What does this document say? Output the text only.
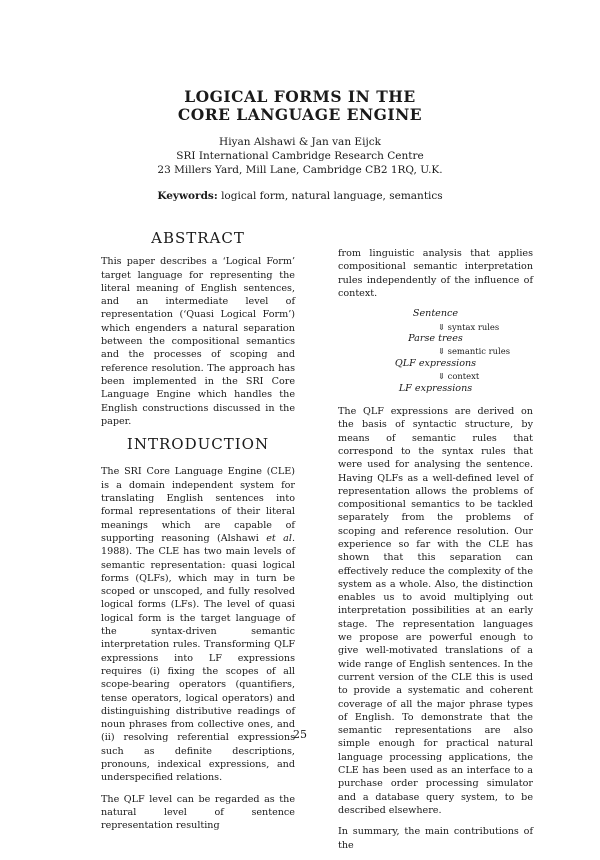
LOGICAL FORMS IN THE
CORE LANGUAGE ENGINE
Hiyan Alshawi & Jan van Eijck
SRI International Cambridge Research Centre
23 Millers Yard, Mill Lane, Cambridge CB2 1RQ, U.K.
Keywords: logical form, natural language, semantics
ABSTRACT

This paper describes a ‘Logical Form’ target language for representing the literal meaning of English sentences, and an intermediate level of representation (‘Quasi Logical Form’) which engenders a natural separation between the compositional semantics and the processes of scoping and reference resolution. The approach has been implemented in the SRI Core Language Engine which handles the English constructions discussed in the paper.

INTRODUCTION

The SRI Core Language Engine (CLE) is a domain independent system for translating English sentences into formal representations of their literal meanings which are capable of supporting reasoning (Alshawi et al. 1988). The CLE has two main levels of semantic representation: quasi logical forms (QLFs), which may in turn be scoped or unscoped, and fully resolved logical forms (LFs). The level of quasi logical form is the target language of the syntax-driven semantic interpretation rules. Transforming QLF expressions into LF expressions requires (i) fixing the scopes of all scope-bearing operators (quantifiers, tense operators, logical operators) and distinguishing distributive readings of noun phrases from collective ones, and (ii) resolving referential expressions such as definite descriptions, pronouns, indexical expressions, and underspecified relations.

The QLF level can be regarded as the natural level of sentence representation resulting

from linguistic analysis that applies compositional semantic interpretation rules independently of the influence of context.

Sentence
⇓ syntax rules
Parse trees
⇓ semantic rules
QLF expressions
⇓ context
LF expressions

The QLF expressions are derived on the basis of syntactic structure, by means of semantic rules that correspond to the syntax rules that were used for analysing the sentence. Having QLFs as a well-defined level of representation allows the problems of compositional semantics to be tackled separately from the problems of scoping and reference resolution. Our experience so far with the CLE has shown that this separation can effectively reduce the complexity of the system as a whole. Also, the distinction enables us to avoid multiplying out interpretation possibilities at an early stage. The representation languages we propose are powerful enough to give well-motivated translations of a wide range of English sentences. In the current version of the CLE this is used to provide a systematic and coherent coverage of all the major phrase types of English. To demonstrate that the semantic representations are also simple enough for practical natural language processing applications, the CLE has been used as an interface to a purchase order processing simulator and a database query system, to be described elsewhere.

In summary, the main contributions of the

25
